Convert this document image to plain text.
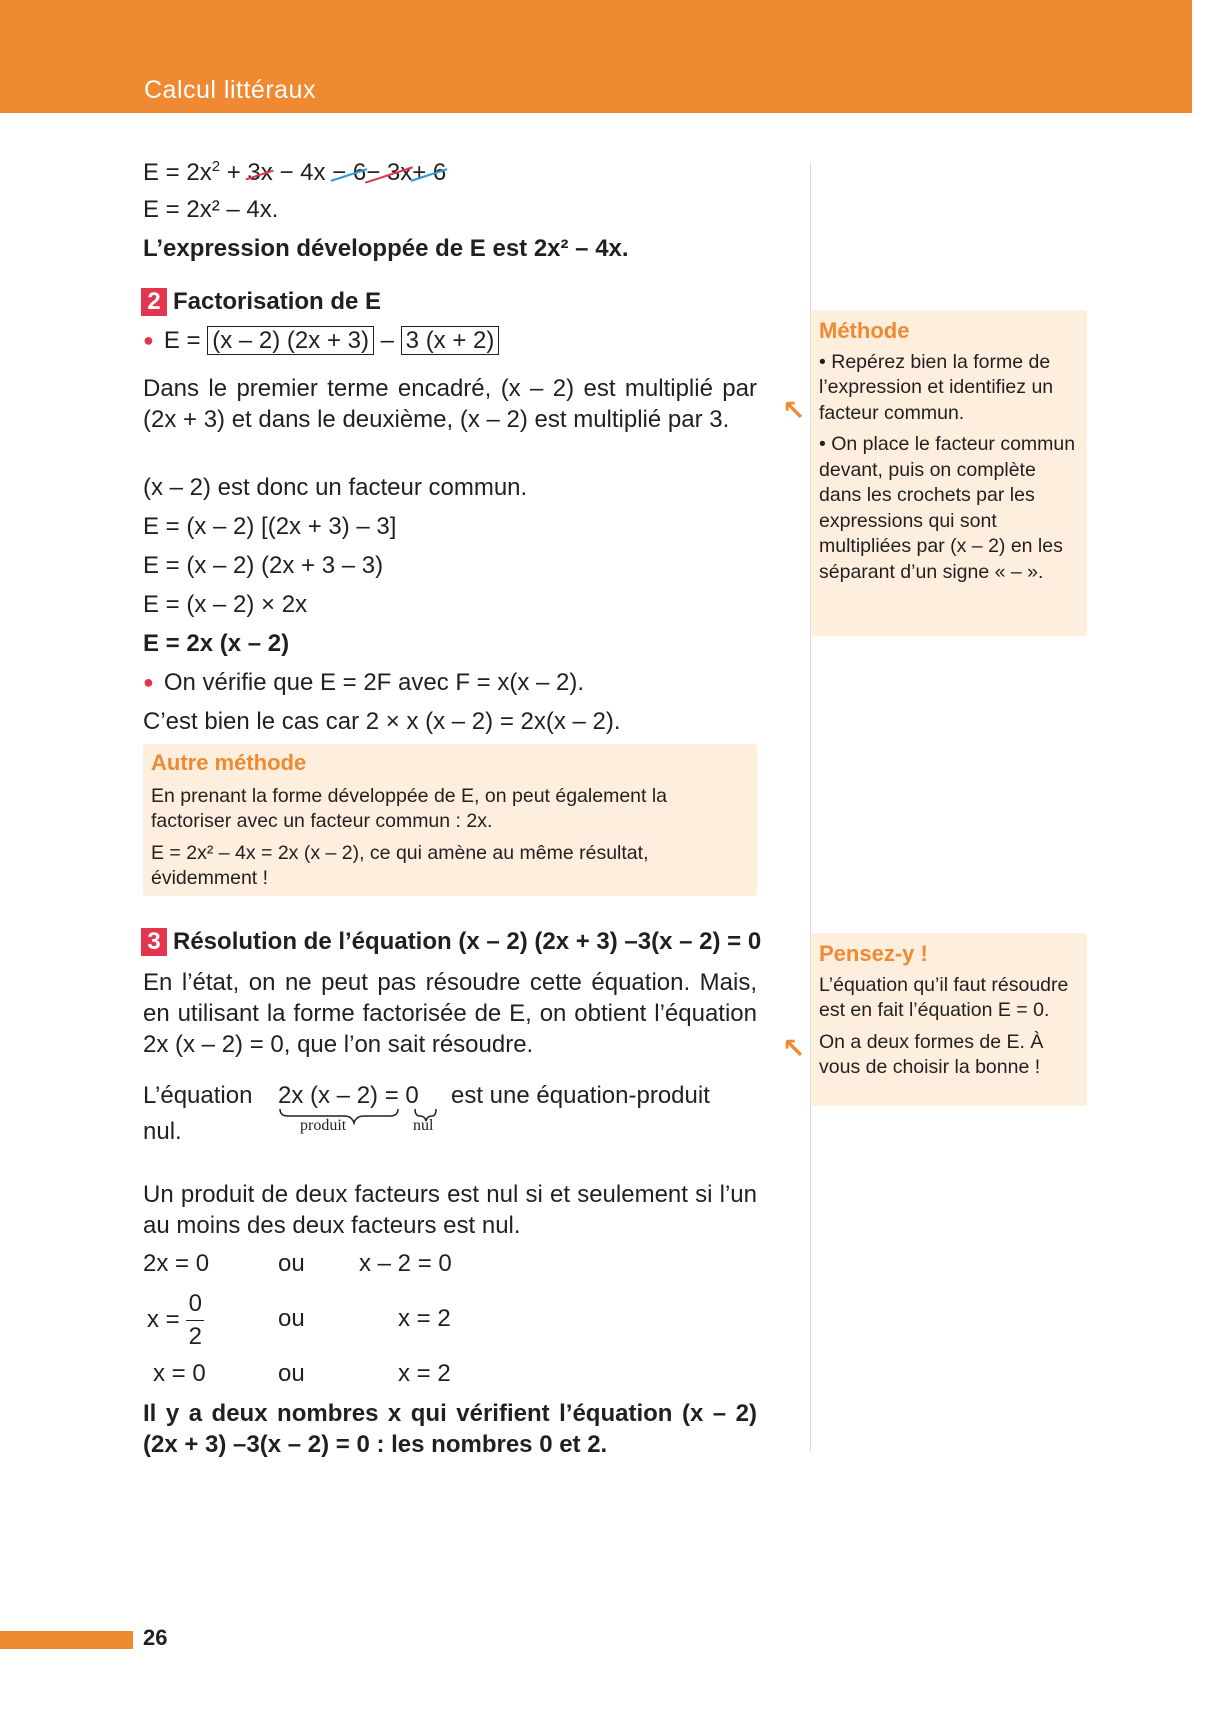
Calcul littéraux
$E = 2x^2 + 3x - 4x - 6- 3x+ 6$
E = 2x² – 4x.
L’expression développée de E est 2x² – 4x.
2 Factorisation de E
● E = (x – 2) (2x + 3) – 3 (x + 2)
Dans le premier terme encadré, (x – 2) est multiplié par (2x + 3) et dans le deuxième, (x – 2) est multiplié par 3.
(x – 2) est donc un facteur commun.
E = (x – 2) [(2x + 3) – 3]
E = (x – 2) (2x + 3 – 3)
E = (x – 2) × 2x
E = 2x (x – 2)
● On vérifie que E = 2F avec F = x(x – 2).
C’est bien le cas car 2 × x (x – 2) = 2x(x – 2).
Autre méthode
En prenant la forme développée de E, on peut également la factoriser avec un facteur commun : 2x.
E = 2x² – 4x = 2x (x – 2), ce qui amène au même résultat, évidemment !
↖
Méthode
• Repérez bien la forme de l’expression et identifiez un facteur commun.
• On place le facteur commun devant, puis on complète dans les crochets par les expressions qui sont multipliées par (x – 2) en les séparant d’un signe « – ».
3 Résolution de l’équation (x – 2) (2x + 3) –3(x – 2) = 0
En l’état, on ne peut pas résoudre cette équation. Mais, en utilisant la forme factorisée de E, on obtient l’équation 2x (x – 2) = 0, que l’on sait résoudre.
L’équation	2x (x – 2) = 0 est une équation-produit
produit	nul
nul.
Un produit de deux facteurs est nul si et seulement si l’un au moins des deux facteurs est nul.
2x = 0	ou x – 2 = 0
$x = \frac{0}{2}$	ou	x = 2
x = 0	ou	x = 2
Il y a deux nombres x qui vérifient l’équation (x – 2) (2x + 3) –3(x – 2) = 0 : les nombres 0 et 2.
↖
Pensez-y !
L’équation qu’il faut résoudre est en fait l’équation E = 0.
On a deux formes de E. À vous de choisir la bonne !
26
